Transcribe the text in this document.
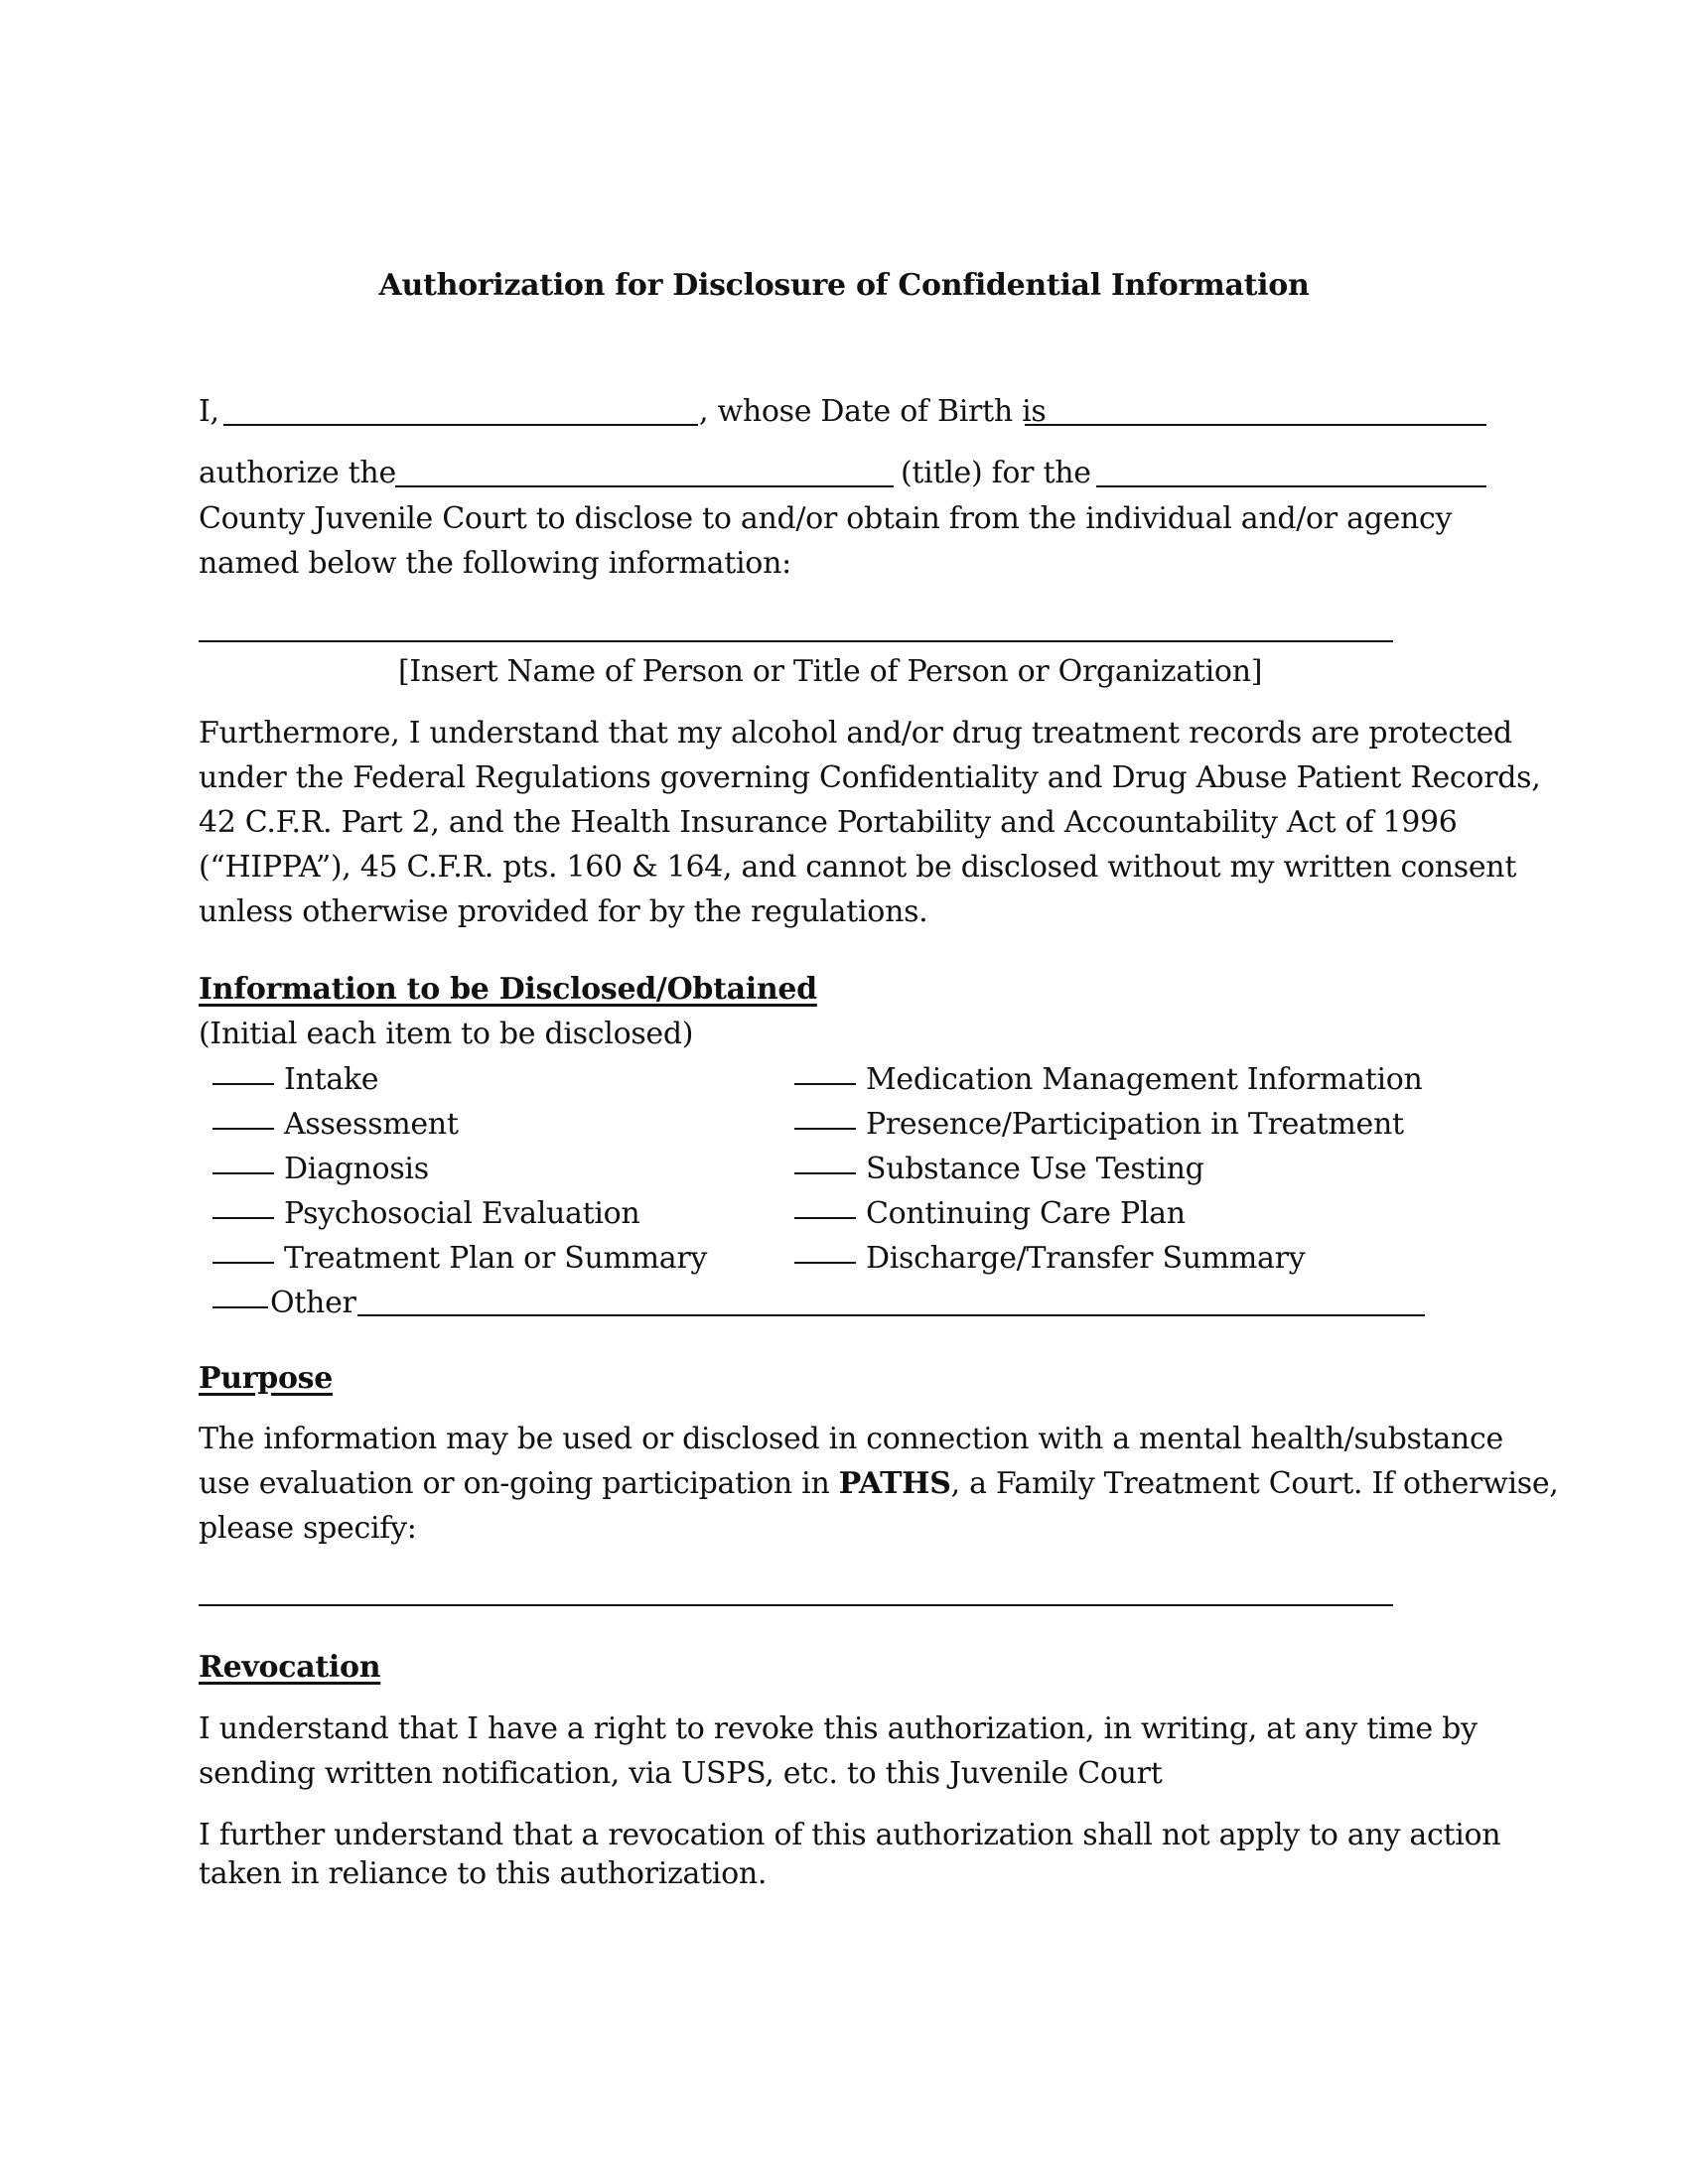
Authorization for Disclosure of Confidential Information
I,	, whose Date of Birth is
authorize the	(title) for the
County Juvenile Court to disclose to and/or obtain from the individual and/or agency
named below the following information:
[Insert Name of Person or Title of Person or Organization]
Furthermore, I understand that my alcohol and/or drug treatment records are protected
under the Federal Regulations governing Confidentiality and Drug Abuse Patient Records,
42 C.F.R. Part 2, and the Health Insurance Portability and Accountability Act of 1996
(“HIPPA”), 45 C.F.R. pts. 160 & 164, and cannot be disclosed without my written consent
unless otherwise provided for by the regulations.
Information to be Disclosed/Obtained
(Initial each item to be disclosed)
Intake
Assessment
Diagnosis
Psychosocial Evaluation
Treatment Plan or Summary
Medication Management Information
Presence/Participation in Treatment
Substance Use Testing
Continuing Care Plan
Discharge/Transfer Summary
Other
Purpose
The information may be used or disclosed in connection with a mental health/substance
use evaluation or on-going participation in PATHS, a Family Treatment Court. If otherwise,
please specify:
Revocation
I understand that I have a right to revoke this authorization, in writing, at any time by
sending written notification, via USPS, etc. to this Juvenile Court
I further understand that a revocation of this authorization shall not apply to any action
taken in reliance to this authorization.
